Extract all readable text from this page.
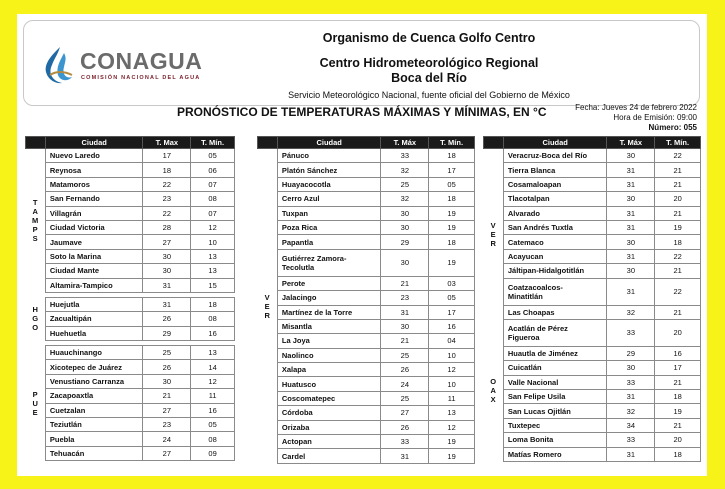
CONAGUA
COMISIÓN NACIONAL DEL AGUA
Organismo de Cuenca Golfo Centro
Centro Hidrometeorológico Regional
Boca del Río
Servicio Meteorológico Nacional, fuente oficial del Gobierno de México
PRONÓSTICO DE TEMPERATURAS MÁXIMAS Y MÍNIMAS, EN °C	Fecha: Jueves 24 de febrero 2022
Hora de Emisión: 09:00
Número: 055
	Ciudad	T. Max	T. Mín.

T
A
M
P
S	Nuevo Laredo	17	05
	Reynosa	18	06
	Matamoros	22	07
	San Fernando	23	08
	Villagrán	22	07
	Ciudad Victoria	28	12
	Jaumave	27	10
	Soto la Marina	30	13
	Ciudad Mante	30	13
	Altamira-Tampico	31	15

H
G
O	Huejutla	31	18
	Zacualtipán	26	08
	Huehuetla	29	16

P
U
E	Huauchinango	25	13
	Xicotepec de Juárez	26	14
	Venustiano Carranza	30	12
	Zacapoaxtla	21	11
	Cuetzalan	27	16
	Teziutlán	23	05
	Puebla	24	08
	Tehuacán	27	09
	Ciudad	T. Máx	T. Mín.

V
E
R	Pánuco	33	18
	Platón Sánchez	32	17
	Huayacocotla	25	05
	Cerro Azul	32	18
	Tuxpan	30	19
	Poza Rica	30	19
	Papantla	29	18
	Gutiérrez Zamora-
Tecolutla	30	19
	Perote	21	03
	Jalacingo	23	05
	Martínez de la Torre	31	17
	Misantla	30	16
	La Joya	21	04
	Naolinco	25	10
	Xalapa	26	12
	Huatusco	24	10
	Coscomatepec	25	11
	Córdoba	27	13
	Orizaba	26	12
	Actopan	33	19
	Cardel	31	19
	Ciudad	T. Máx	T. Mín.

V
E
R	Veracruz-Boca del Río	30	22
	Tierra Blanca	31	21
	Cosamaloapan	31	21
	Tlacotalpan	30	20
	Alvarado	31	21
	San Andrés Tuxtla	31	19
	Catemaco	30	18
	Acayucan	31	22
	Jáltipan-Hidalgotitlán	30	21
	Coatzacoalcos-
Minatitlán	31	22
	Las Choapas	32	21

O
A
X	Acatlán de Pérez
Figueroa	33	20
	Huautla de Jiménez	29	16
	Cuicatlán	30	17
	Valle Nacional	33	21
	San Felipe Usila	31	18
	San Lucas Ojitlán	32	19
	Tuxtepec	34	21
	Loma Bonita	33	20
	Matías Romero	31	18
